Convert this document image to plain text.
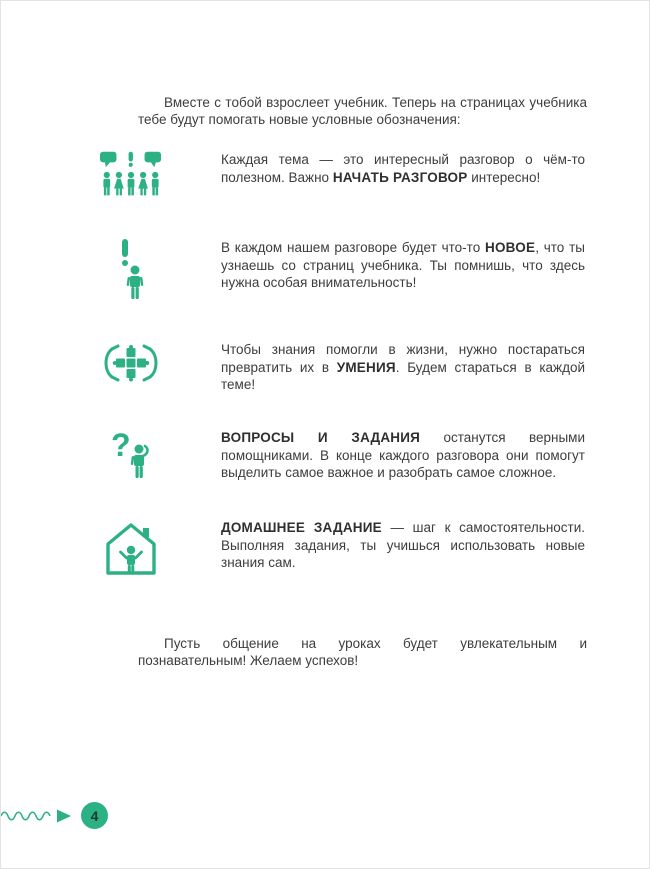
Вместе с тобой взрослеет учебник. Теперь на страницах учебника тебе будут помогать новые условные обозначения:

Каждая тема — это интересный разговор о чём-то полезном. Важно НАЧАТЬ РАЗГОВОР интересно!
В каждом нашем разговоре будет что-то НОВОЕ, что ты узнаешь со страниц учебника. Ты помнишь, что здесь нужна особая внимательность!
Чтобы знания помогли в жизни, нужно постараться превратить их в УМЕНИЯ. Будем стараться в каждой теме!
?	ВОПРОСЫ И ЗАДАНИЯ останутся верными помощниками. В конце каждого разговора они помогут выделить самое важное и разобрать самое сложное.
ДОМАШНЕЕ ЗАДАНИЕ — шаг к самостоятельности. Выполняя задания, ты учишься использовать новые знания сам.

Пусть общение на уроках будет увлекательным и познавательным! Желаем успехов!

4
